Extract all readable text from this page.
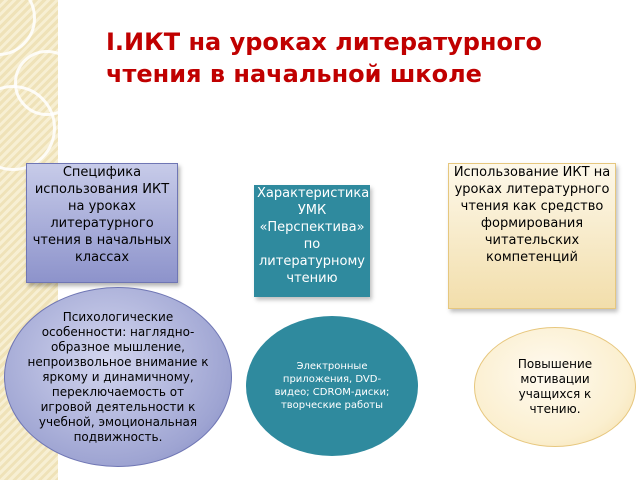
I.ИКТ на уроках литературного
чтения в начальной школе
Специфика использования ИКТ на уроках литературного чтения в начальных классах
Характеристика УМК «Перспектива» по литературному чтению
Использование ИКТ на уроках литературного чтения как средство формирования читательских компетенций
Психологические особенности: наглядно-образное мышление, непроизвольное внимание к яркому и динамичному, переключаемость от игровой деятельности к учебной, эмоциональная подвижность.
Электронные приложения, DVD-видео; CDROM-диски; творческие работы
Повышение мотивации учащихся к чтению.
